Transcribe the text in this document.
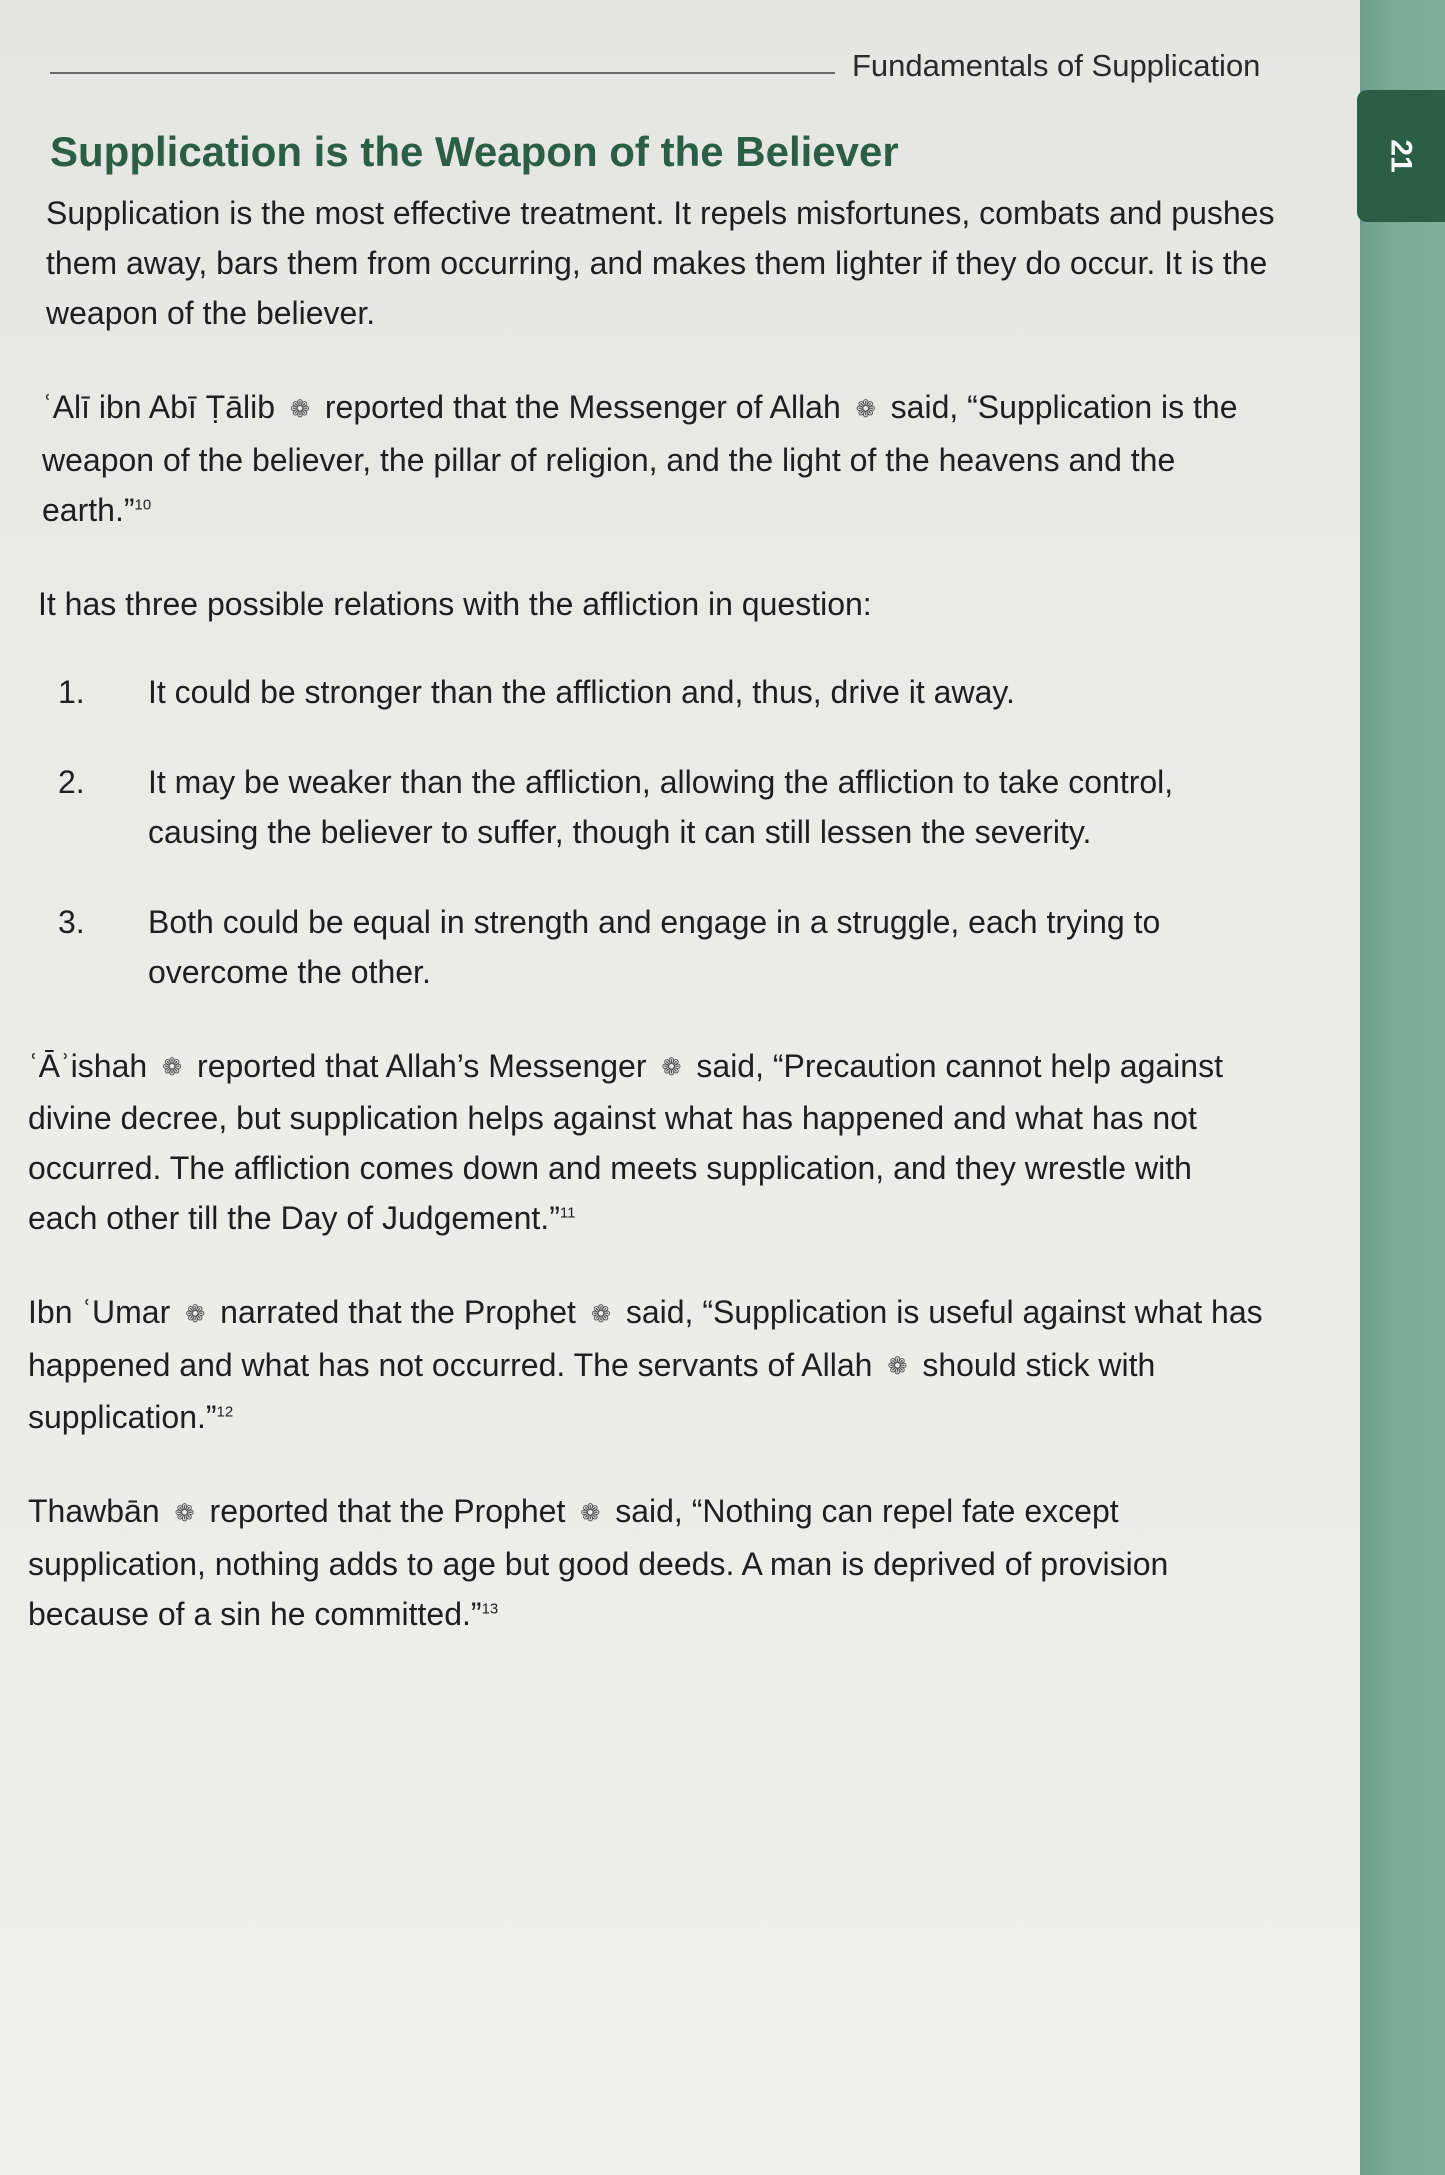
Fundamentals of Supplication
Supplication is the Weapon of the Believer

Supplication is the most effective treatment. It repels misfortunes, combats and pushes them away, bars them from occurring, and makes them lighter if they do occur. It is the weapon of the believer.

ʿAlī ibn Abī Ṭālib ❁ reported that the Messenger of Allah ❁ said, “Supplication is the weapon of the believer, the pillar of religion, and the light of the heavens and the earth.”$^{10}$

It has three possible relations with the affliction in question:

1.	It could be stronger than the affliction and, thus, drive it away.
2.	It may be weaker than the affliction, allowing the affliction to take control, causing the believer to suffer, though it can still lessen the severity.
3.	Both could be equal in strength and engage in a struggle, each trying to overcome the other.

ʿĀʾishah ❁ reported that Allah’s Messenger ❁ said, “Precaution cannot help against divine decree, but supplication helps against what has happened and what has not occurred. The affliction comes down and meets supplication, and they wrestle with each other till the Day of Judgement.”$^{11}$

Ibn ʿUmar ❁ narrated that the Prophet ❁ said, “Supplication is useful against what has happened and what has not occurred. The servants of Allah ❁ should stick with supplication.”$^{12}$

Thawbān ❁ reported that the Prophet ❁ said, “Nothing can repel fate except supplication, nothing adds to age but good deeds. A man is deprived of provision because of a sin he committed.”$^{13}$

21
